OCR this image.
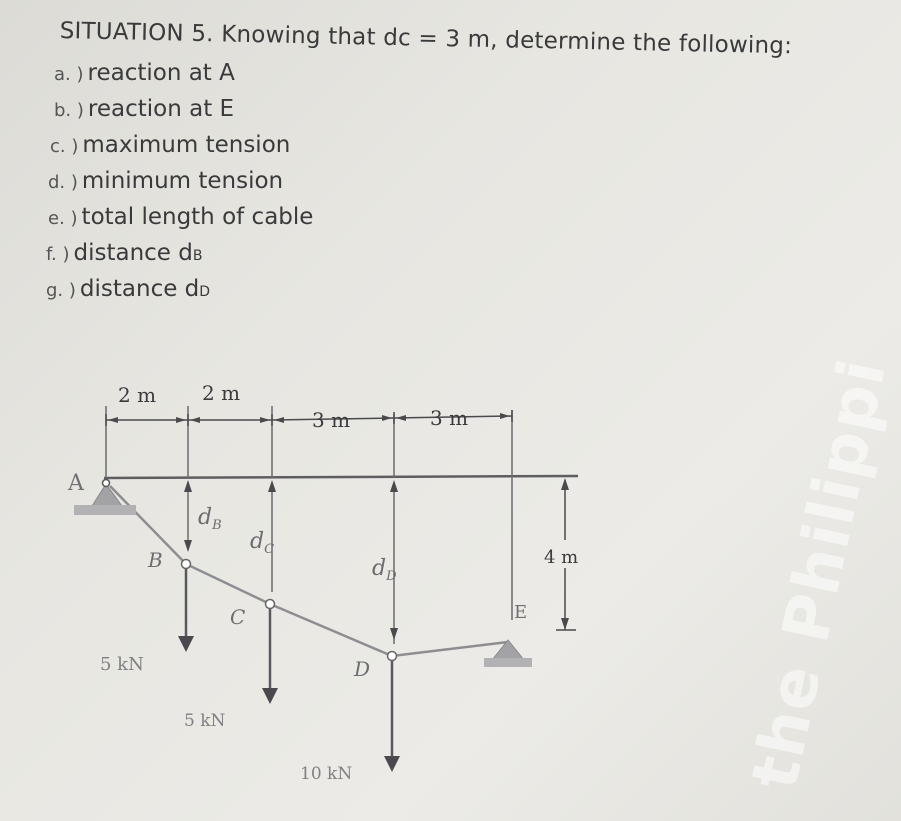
SITUATION 5. Knowing that dc = 3 m, determine the following:
a. ) reaction at A
b. ) reaction at E
c. ) maximum tension
d. ) minimum tension
e. ) total length of cable
f. ) distance dB
g. ) distance dD
2 m 2 m
3 m	3 m
A
E
4 m
$d_B$
$d_C$
$d_D$
B
C
D
5 kN
5 kN
10 kN	the Philippi
